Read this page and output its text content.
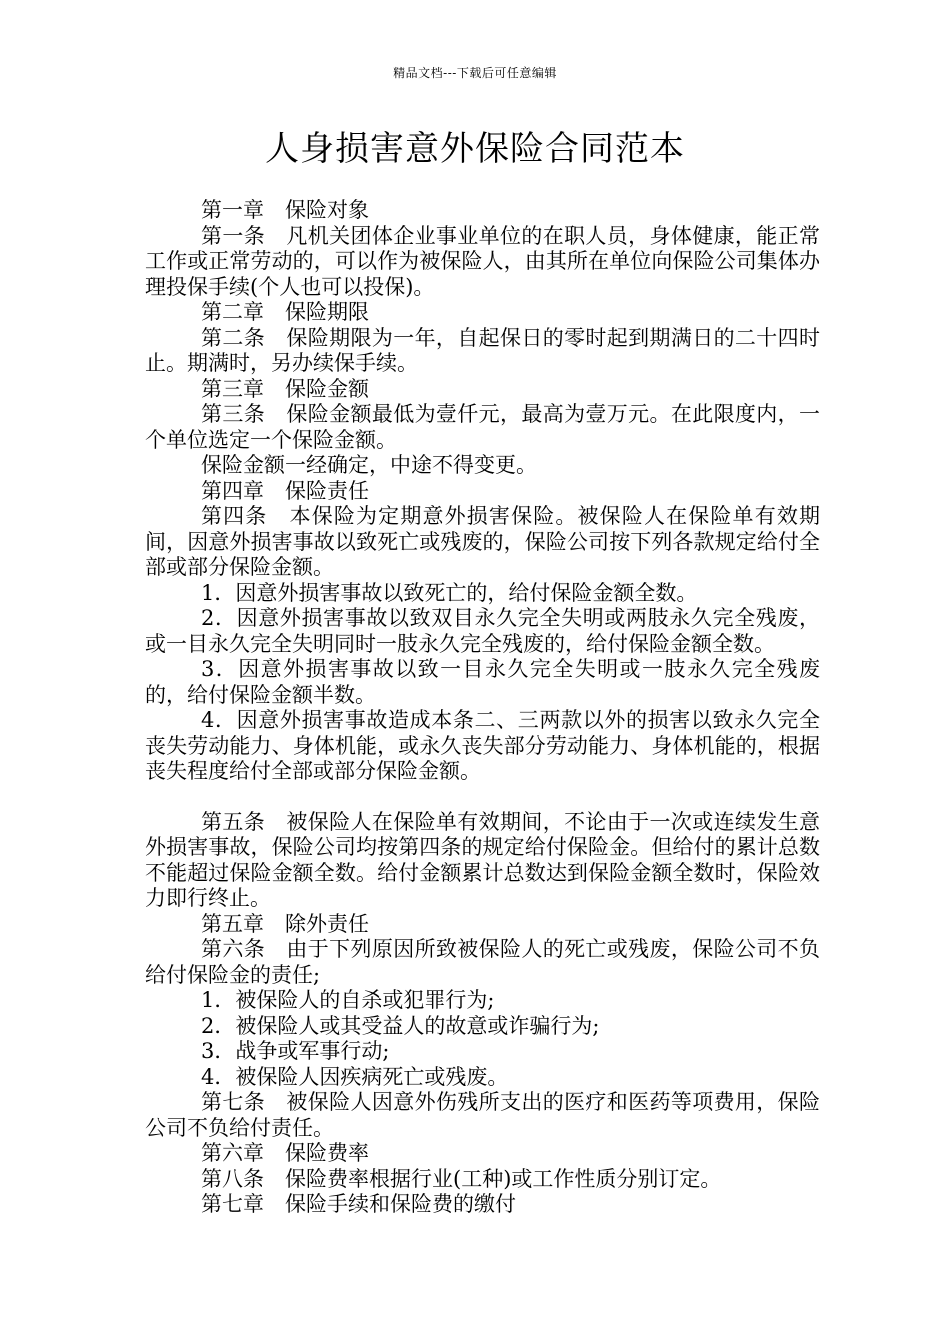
精品文档---下载后可任意编辑
人身损害意外保险合同范本

第一章　保险对象

第一条　凡机关团体企业事业单位的在职人员，身体健康，能正常工作或正常劳动的，可以作为被保险人，由其所在单位向保险公司集体办理投保手续(个人也可以投保)。

第二章　保险期限

第二条　保险期限为一年，自起保日的零时起到期满日的二十四时止。期满时，另办续保手续。

第三章　保险金额

第三条　保险金额最低为壹仟元，最高为壹万元。在此限度内，一个单位选定一个保险金额。

保险金额一经确定，中途不得变更。

第四章　保险责任

第四条　本保险为定期意外损害保险。被保险人在保险单有效期间，因意外损害事故以致死亡或残废的，保险公司按下列各款规定给付全部或部分保险金额。

1．因意外损害事故以致死亡的，给付保险金额全数。

2．因意外损害事故以致双目永久完全失明或两肢永久完全残废，或一目永久完全失明同时一肢永久完全残废的，给付保险金额全数。

3．因意外损害事故以致一目永久完全失明或一肢永久完全残废的，给付保险金额半数。

4．因意外损害事故造成本条二、三两款以外的损害以致永久完全丧失劳动能力、身体机能，或永久丧失部分劳动能力、身体机能的，根据丧失程度给付全部或部分保险金额。

第五条　被保险人在保险单有效期间，不论由于一次或连续发生意外损害事故，保险公司均按第四条的规定给付保险金。但给付的累计总数不能超过保险金额全数。给付金额累计总数达到保险金额全数时，保险效力即行终止。

第五章　除外责任

第六条　由于下列原因所致被保险人的死亡或残废，保险公司不负给付保险金的责任;

1．被保险人的自杀或犯罪行为;

2．被保险人或其受益人的故意或诈骗行为;

3．战争或军事行动;

4．被保险人因疾病死亡或残废。

第七条　被保险人因意外伤残所支出的医疗和医药等项费用，保险公司不负给付责任。

第六章　保险费率

第八条　保险费率根据行业(工种)或工作性质分别订定。

第七章　保险手续和保险费的缴付
